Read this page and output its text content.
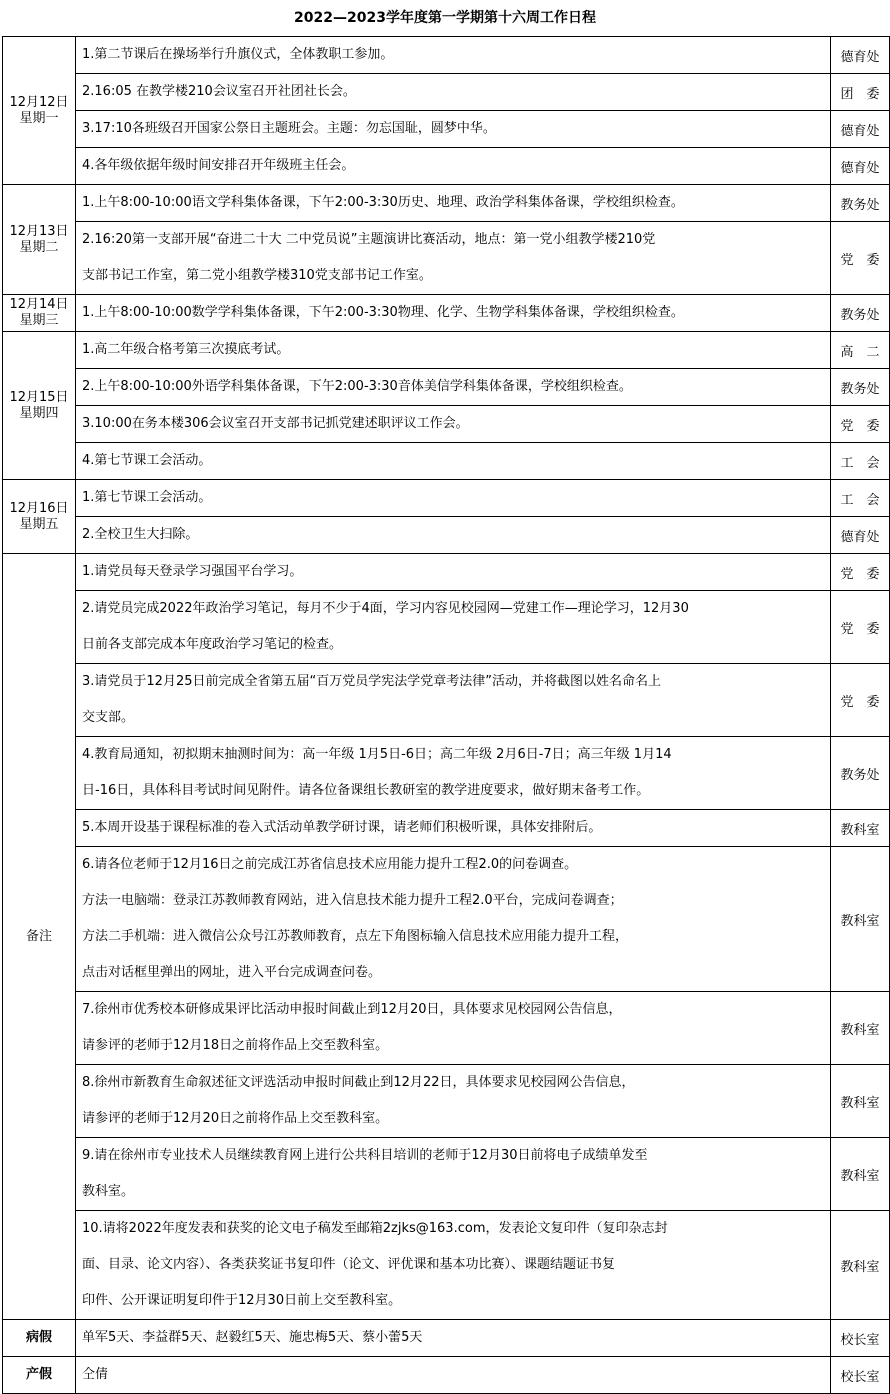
2022—2023学年度第一学期第十六周工作日程
12月12日
星期一	1.第二节课后在操场举行升旗仪式，全体教职工参加。	德育处

	2.16:05 在教学楼210会议室召开社团社长会。	团　委

	3.17:10各班级召开国家公祭日主题班会。主题：勿忘国耻，圆梦中华。	德育处

	4.各年级依据年级时间安排召开年级班主任会。	德育处

12月13日
星期二	1.上午8:00-10:00语文学科集体备课，下午2:00-3:30历史、地理、政治学科集体备课，学校组织检查。	教务处

	2.16:20第一支部开展“奋进二十大 二中党员说”主题演讲比赛活动，地点：第一党小组教学楼210党
支部书记工作室，第二党小组教学楼310党支部书记工作室。	党　委

12月14日
星期三	1.上午8:00-10:00数学学科集体备课，下午2:00-3:30物理、化学、生物学科集体备课，学校组织检查。	教务处

12月15日
星期四	1.高二年级合格考第三次摸底考试。	高　二

	2.上午8:00-10:00外语学科集体备课，下午2:00-3:30音体美信学科集体备课，学校组织检查。	教务处

	3.10:00在务本楼306会议室召开支部书记抓党建述职评议工作会。	党　委

	4.第七节课工会活动。	工　会

12月16日
星期五	1.第七节课工会活动。	工　会

	2.全校卫生大扫除。	德育处
备注	1.请党员每天登录学习强国平台学习。	党　委

	2.请党员完成2022年政治学习笔记，每月不少于4面，学习内容见校园网—党建工作—理论学习，12月30
日前各支部完成本年度政治学习笔记的检查。	党　委

	3.请党员于12月25日前完成全省第五届“百万党员学宪法学党章考法律”活动，并将截图以姓名命名上
交支部。	党　委

	4.教育局通知，初拟期末抽测时间为：高一年级 1月5日-6日；高二年级 2月6日-7日；高三年级 1月14
日-16日，具体科目考试时间见附件。请各位备课组长教研室的教学进度要求，做好期末备考工作。	教务处

	5.本周开设基于课程标准的卷入式活动单教学研讨课，请老师们积极听课，具体安排附后。	教科室

	6.请各位老师于12月16日之前完成江苏省信息技术应用能力提升工程2.0的问卷调查。
方法一电脑端：登录江苏教师教育网站，进入信息技术能力提升工程2.0平台，完成问卷调查；
方法二手机端：进入微信公众号江苏教师教育，点左下角图标输入信息技术应用能力提升工程，
点击对话框里弹出的网址，进入平台完成调查问卷。	教科室

	7.徐州市优秀校本研修成果评比活动申报时间截止到12月20日，具体要求见校园网公告信息，
请参评的老师于12月18日之前将作品上交至教科室。	教科室

	8.徐州市新教育生命叙述征文评选活动申报时间截止到12月22日，具体要求见校园网公告信息，
请参评的老师于12月20日之前将作品上交至教科室。	教科室

	9.请在徐州市专业技术人员继续教育网上进行公共科目培训的老师于12月30日前将电子成绩单发至
教科室。	教科室

	10.请将2022年度发表和获奖的论文电子稿发至邮箱2zjks@163.com，发表论文复印件（复印杂志封
面、目录、论文内容）、各类获奖证书复印件（论文、评优课和基本功比赛）、课题结题证书复
印件、公开课证明复印件于12月30日前上交至教科室。	教科室
病假	单军5天、李益群5天、赵毅红5天、施忠梅5天、蔡小蕾5天	校长室
产假	仝倩	校长室
